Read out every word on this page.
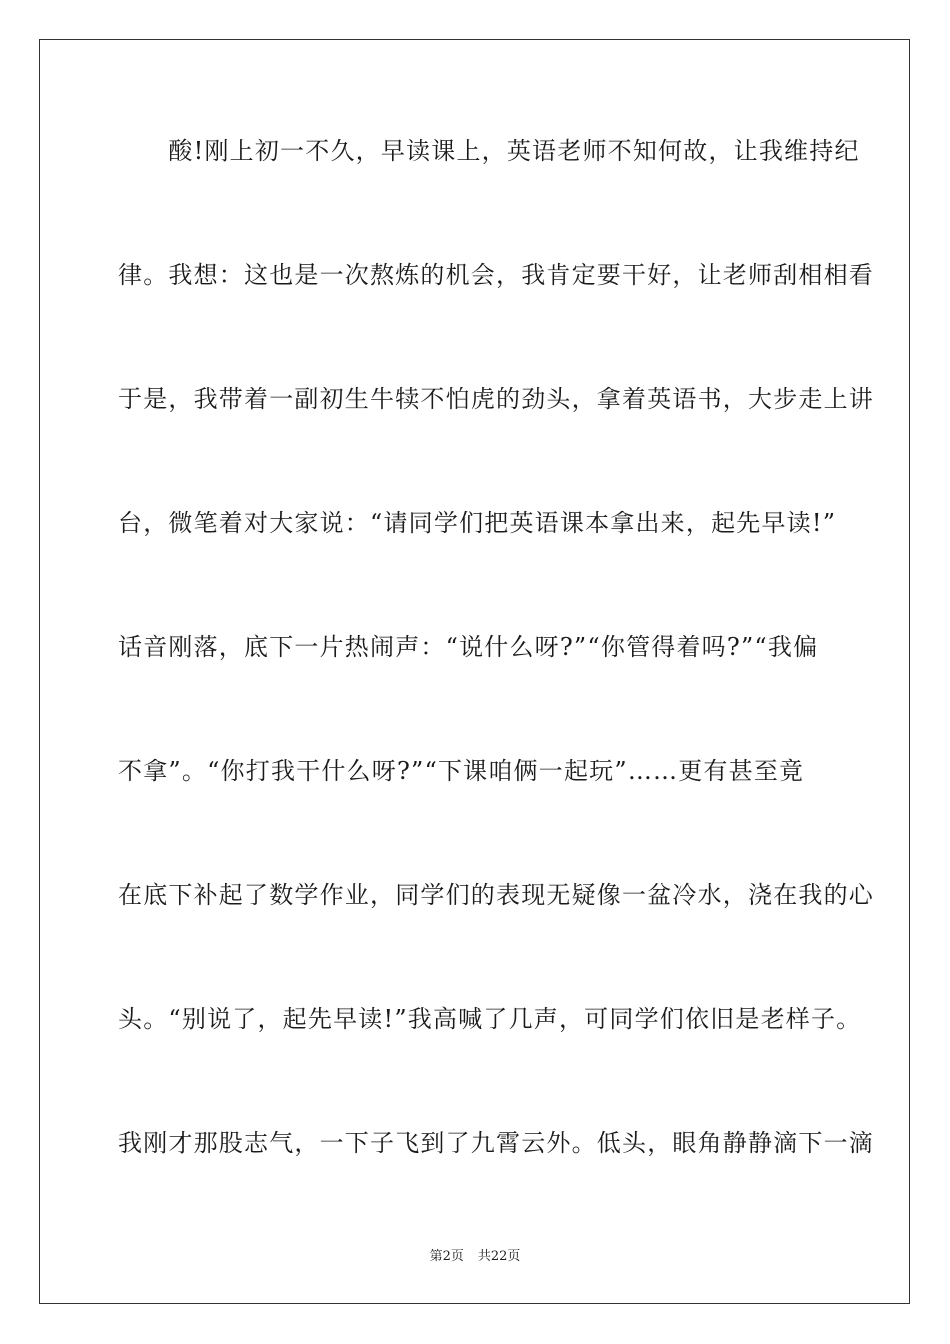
　　酸!刚上初一不久，早读课上，英语老师不知何故，让我维持纪
律。我想：这也是一次熬炼的机会，我肯定要干好，让老师刮相相看
于是，我带着一副初生牛犊不怕虎的劲头，拿着英语书，大步走上讲
台，微笔着对大家说：“请同学们把英语课本拿出来，起先早读!”
话音刚落，底下一片热闹声：“说什么呀?”“你管得着吗?”“我偏
不拿”。“你打我干什么呀?”“下课咱俩一起玩”……更有甚至竟
在底下补起了数学作业，同学们的表现无疑像一盆冷水，浇在我的心
头。“别说了，起先早读!”我高喊了几声，可同学们依旧是老样子。
我刚才那股志气，一下子飞到了九霄云外。低头，眼角静静滴下一滴
第2页 共22页
